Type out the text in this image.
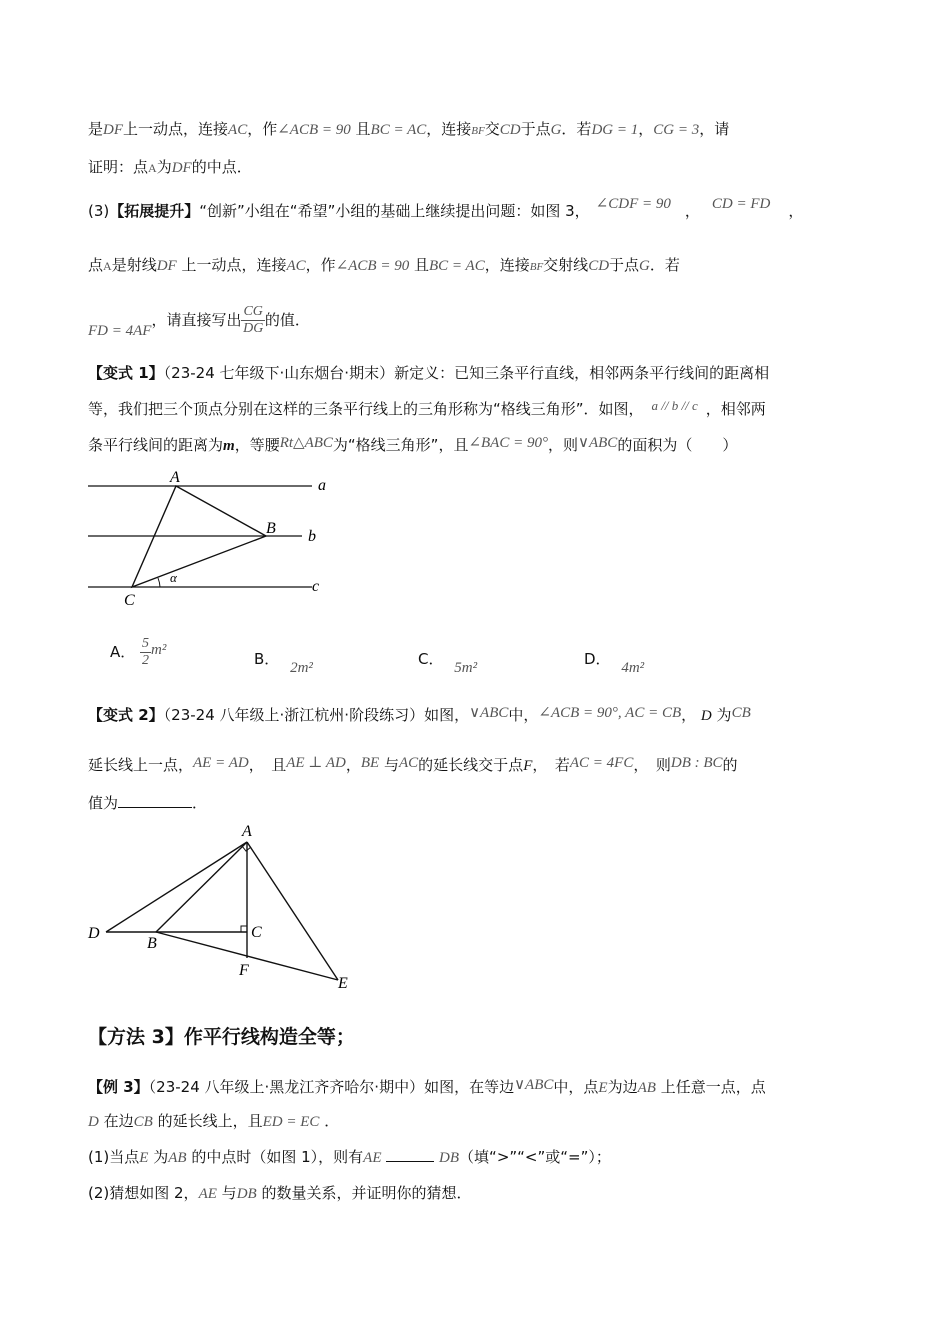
是DF上一动点，连接AC，作∠ACB = 90 且BC = AC，连接BF交CD于点G．若DG = 1，CG = 3，请
证明：点A为DF的中点．
(3)【拓展提升】“创新”小组在“希望”小组的基础上继续提出问题：如图 3， ∠CDF = 90 ， CD = FD ，
点A是射线DF 上一动点，连接AC，作∠ACB = 90 且BC = AC，连接BF交射线CD于点G．若
FD = 4AF，请直接写出 $\frac{CG}{DG}$ 的值．
【变式 1】（23-24 七年级下·山东烟台·期末）新定义：已知三条平行直线，相邻两条平行线间的距离相
等，我们把三个顶点分别在这样的三条平行线上的三角形称为“格线三角形”．如图， a // b // c ，相邻两
条平行线间的距离为m，等腰Rt△ABC为“格线三角形”，且∠BAC = 90°，则∨ABC的面积为（　　）
A
B
C
a
b
c
α
A． $\frac{5}{2} m^2$	B． 2m²	C． 5m²	D． 4m²
【变式 2】（23-24 八年级上·浙江杭州·阶段练习）如图，∨ABC中，∠ACB = 90°, AC = CB， D 为CB
延长线上一点，AE = AD，　且AE ⊥ AD，BE 与AC的延长线交于点F，　若AC = 4FC，　则DB : BC的
值为	．
A
B
C
D
E
F
【方法 3】作平行线构造全等；
【例 3】（23-24 八年级上·黑龙江齐齐哈尔·期中）如图，在等边∨ABC中，点E为边AB 上任意一点，点
D 在边CB 的延长线上，且ED = EC ．
(1)当点E 为AB 的中点时（如图 1），则有AE	DB（填“>”“<”或“=”）；
(2)猜想如图 2，AE 与DB 的数量关系，并证明你的猜想．
